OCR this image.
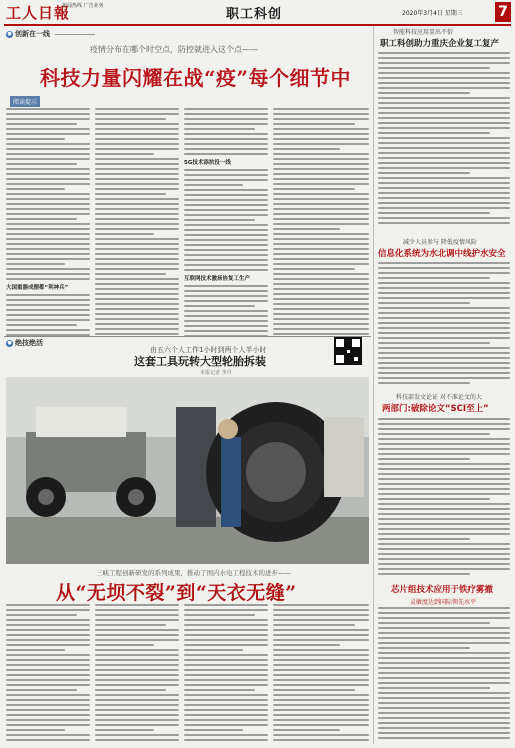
工人日報
新闻热线 广告业务
职工科创	2020年3月4日 星期三	7
● 创新在一线
疫情分布在哪个时空点，防控就进入这个点——
科技力量闪耀在战“疫”每个细节中
阅读提示
大国重器成摆都“利神兵”
5G技术添抗役一线
互联网技术激扬协复工生产
智能科技应用显出不俗
职工科创助力重庆企业复工复产
减少人员参与 降低疫情风险
信息化系统为水北调中线护水安全
科技部发文论证 对不准论文的大
两部门:破除论文“SCI至上”
芯片组技术应用于铁疗雾撤
灵敏度达到国际领先水平
● 绝技绝活
由五六个人工作1小时到两个人半小时
这套工具玩转大型轮胎拆装
本报记者 李丹
三峡工程创新研发的系列成果，推动了国内水电工程技术的进步——
从“无坝不裂”到“天衣无缝”
